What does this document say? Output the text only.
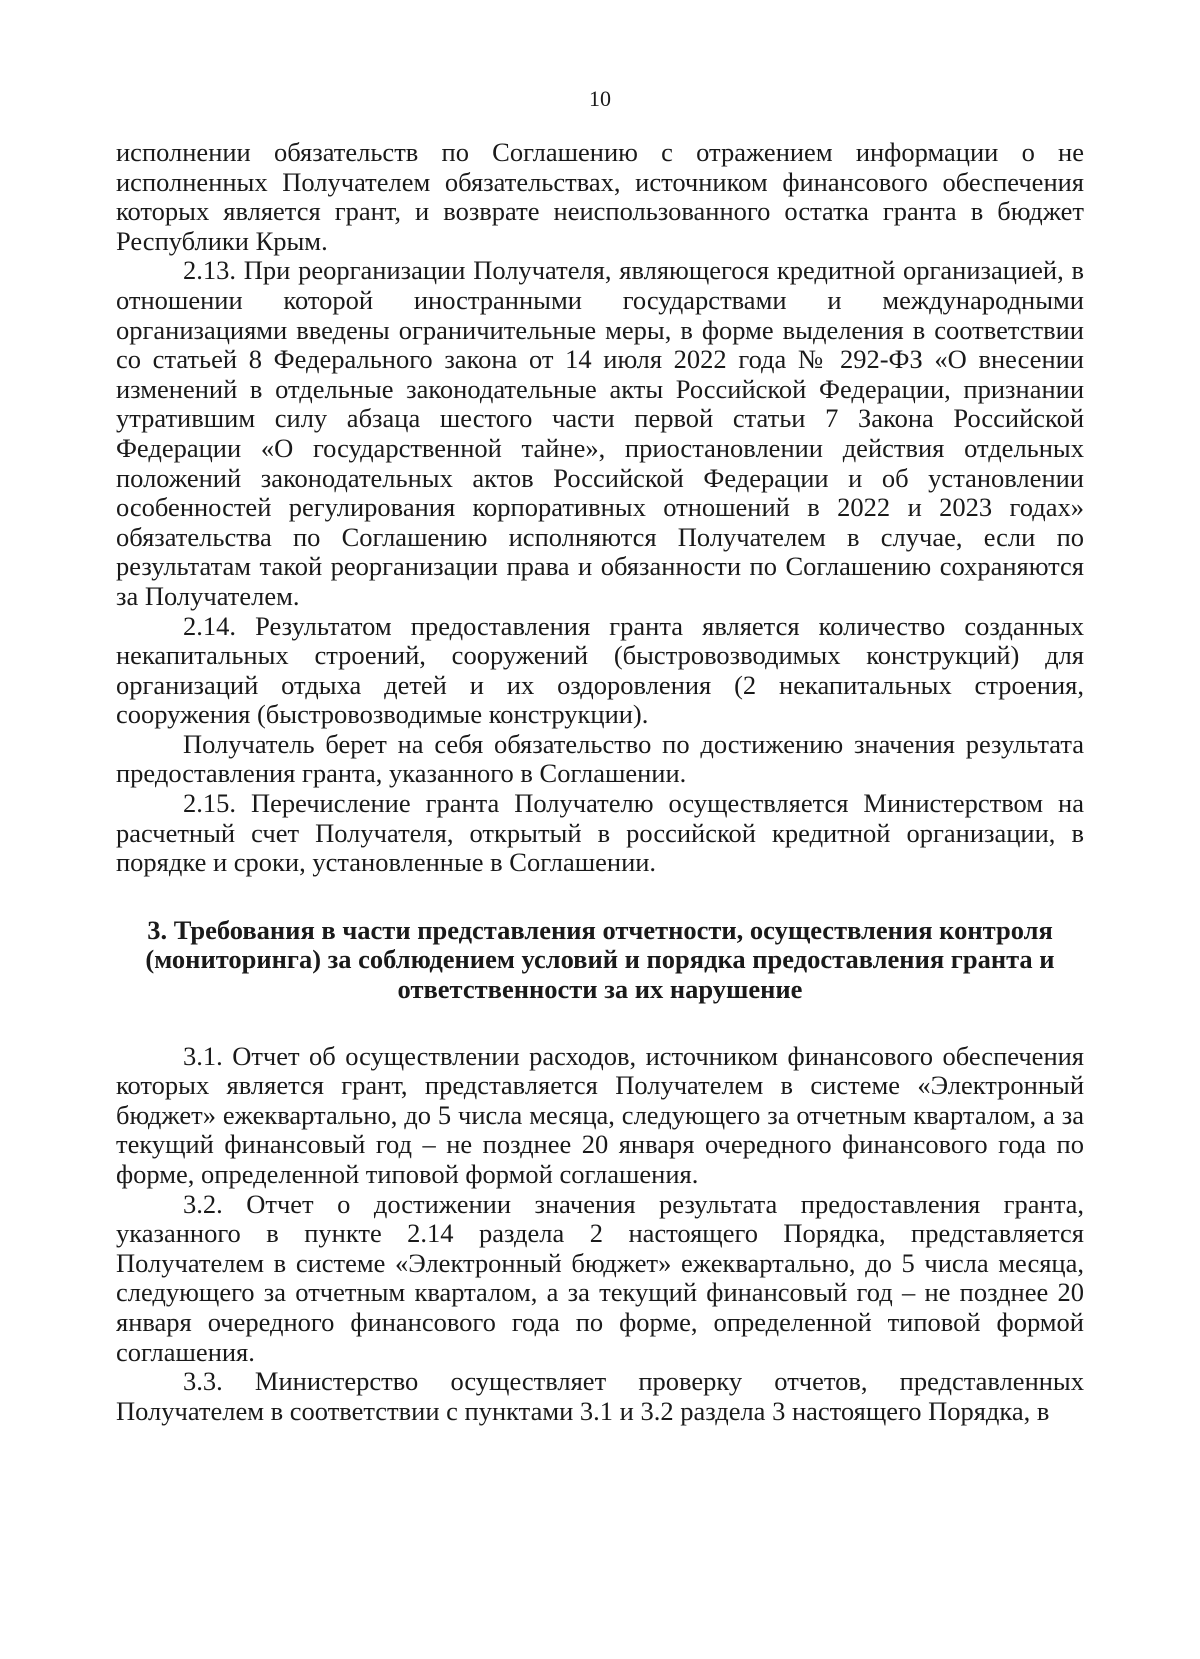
10

исполнении обязательств по Соглашению с отражением информации о не исполненных Получателем обязательствах, источником финансового обеспечения которых является грант, и возврате неиспользованного остатка гранта в бюджет Республики Крым.

2.13. При реорганизации Получателя, являющегося кредитной организацией, в отношении которой иностранными государствами и международными организациями введены ограничительные меры, в форме выделения в соответствии со статьей 8 Федерального закона от 14 июля 2022 года № 292-ФЗ «О внесении изменений в отдельные законодательные акты Российской Федерации, признании утратившим силу абзаца шестого части первой статьи 7 Закона Российской Федерации «О государственной тайне», приостановлении действия отдельных положений законодательных актов Российской Федерации и об установлении особенностей регулирования корпоративных отношений в 2022 и 2023 годах» обязательства по Соглашению исполняются Получателем в случае, если по результатам такой реорганизации права и обязанности по Соглашению сохраняются за Получателем.

2.14. Результатом предоставления гранта является количество созданных некапитальных строений, сооружений (быстровозводимых конструкций) для организаций отдыха детей и их оздоровления (2 некапитальных строения, сооружения (быстровозводимые конструкции).

Получатель берет на себя обязательство по достижению значения результата предоставления гранта, указанного в Соглашении.

2.15. Перечисление гранта Получателю осуществляется Министерством на расчетный счет Получателя, открытый в российской кредитной организации, в порядке и сроки, установленные в Соглашении.

3. Требования в части представления отчетности, осуществления контроля (мониторинга) за соблюдением условий и порядка предоставления гранта и ответственности за их нарушение

3.1. Отчет об осуществлении расходов, источником финансового обеспечения которых является грант, представляется Получателем в системе «Электронный бюджет» ежеквартально, до 5 числа месяца, следующего за отчетным кварталом, а за текущий финансовый год – не позднее 20 января очередного финансового года по форме, определенной типовой формой соглашения.

3.2. Отчет о достижении значения результата предоставления гранта, указанного в пункте 2.14 раздела 2 настоящего Порядка, представляется Получателем в системе «Электронный бюджет» ежеквартально, до 5 числа месяца, следующего за отчетным кварталом, а за текущий финансовый год – не позднее 20 января очередного финансового года по форме, определенной типовой формой соглашения.

3.3. Министерство осуществляет проверку отчетов, представленных Получателем в соответствии с пунктами 3.1 и 3.2 раздела 3 настоящего Порядка, в
